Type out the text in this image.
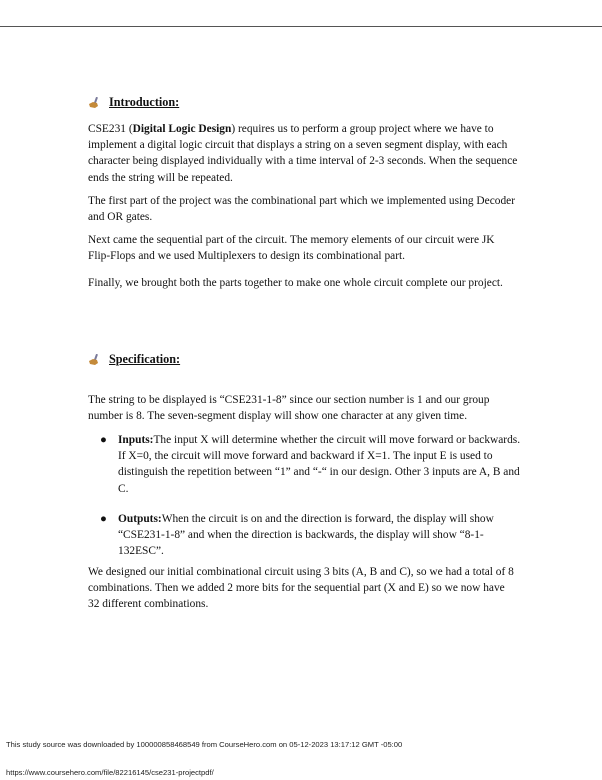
Introduction:

CSE231 (Digital Logic Design) requires us to perform a group project where we have to implement a digital logic circuit that displays a string on a seven segment display, with each character being displayed individually with a time interval of 2-3 seconds. When the sequence ends the string will be repeated.

The first part of the project was the combinational part which we implemented using Decoder and OR gates.

Next came the sequential part of the circuit. The memory elements of our circuit were JK Flip-Flops and we used Multiplexers to design its combinational part.

Finally, we brought both the parts together to make one whole circuit complete our project.

Specification:

The string to be displayed is “CSE231-1-8” since our section number is 1 and our group number is 8. The seven-segment display will show one character at any given time.

● Inputs:The input X will determine whether the circuit will move forward or backwards. If X=0, the circuit will move forward and backward if X=1. The input E is used to distinguish the repetition between “1” and “-“ in our design. Other 3 inputs are A, B and C.
● Outputs:When the circuit is on and the direction is forward, the display will show “CSE231-1-8” and when the direction is backwards, the display will show “8-1-132ESC”.

We designed our initial combinational circuit using 3 bits (A, B and C), so we had a total of 8 combinations. Then we added 2 more bits for the sequential part (X and E) so we now have 32 different combinations.

This study source was downloaded by 100000858468549 from CourseHero.com on 05-12-2023 13:17:12 GMT -05:00
https://www.coursehero.com/file/82216145/cse231-projectpdf/
